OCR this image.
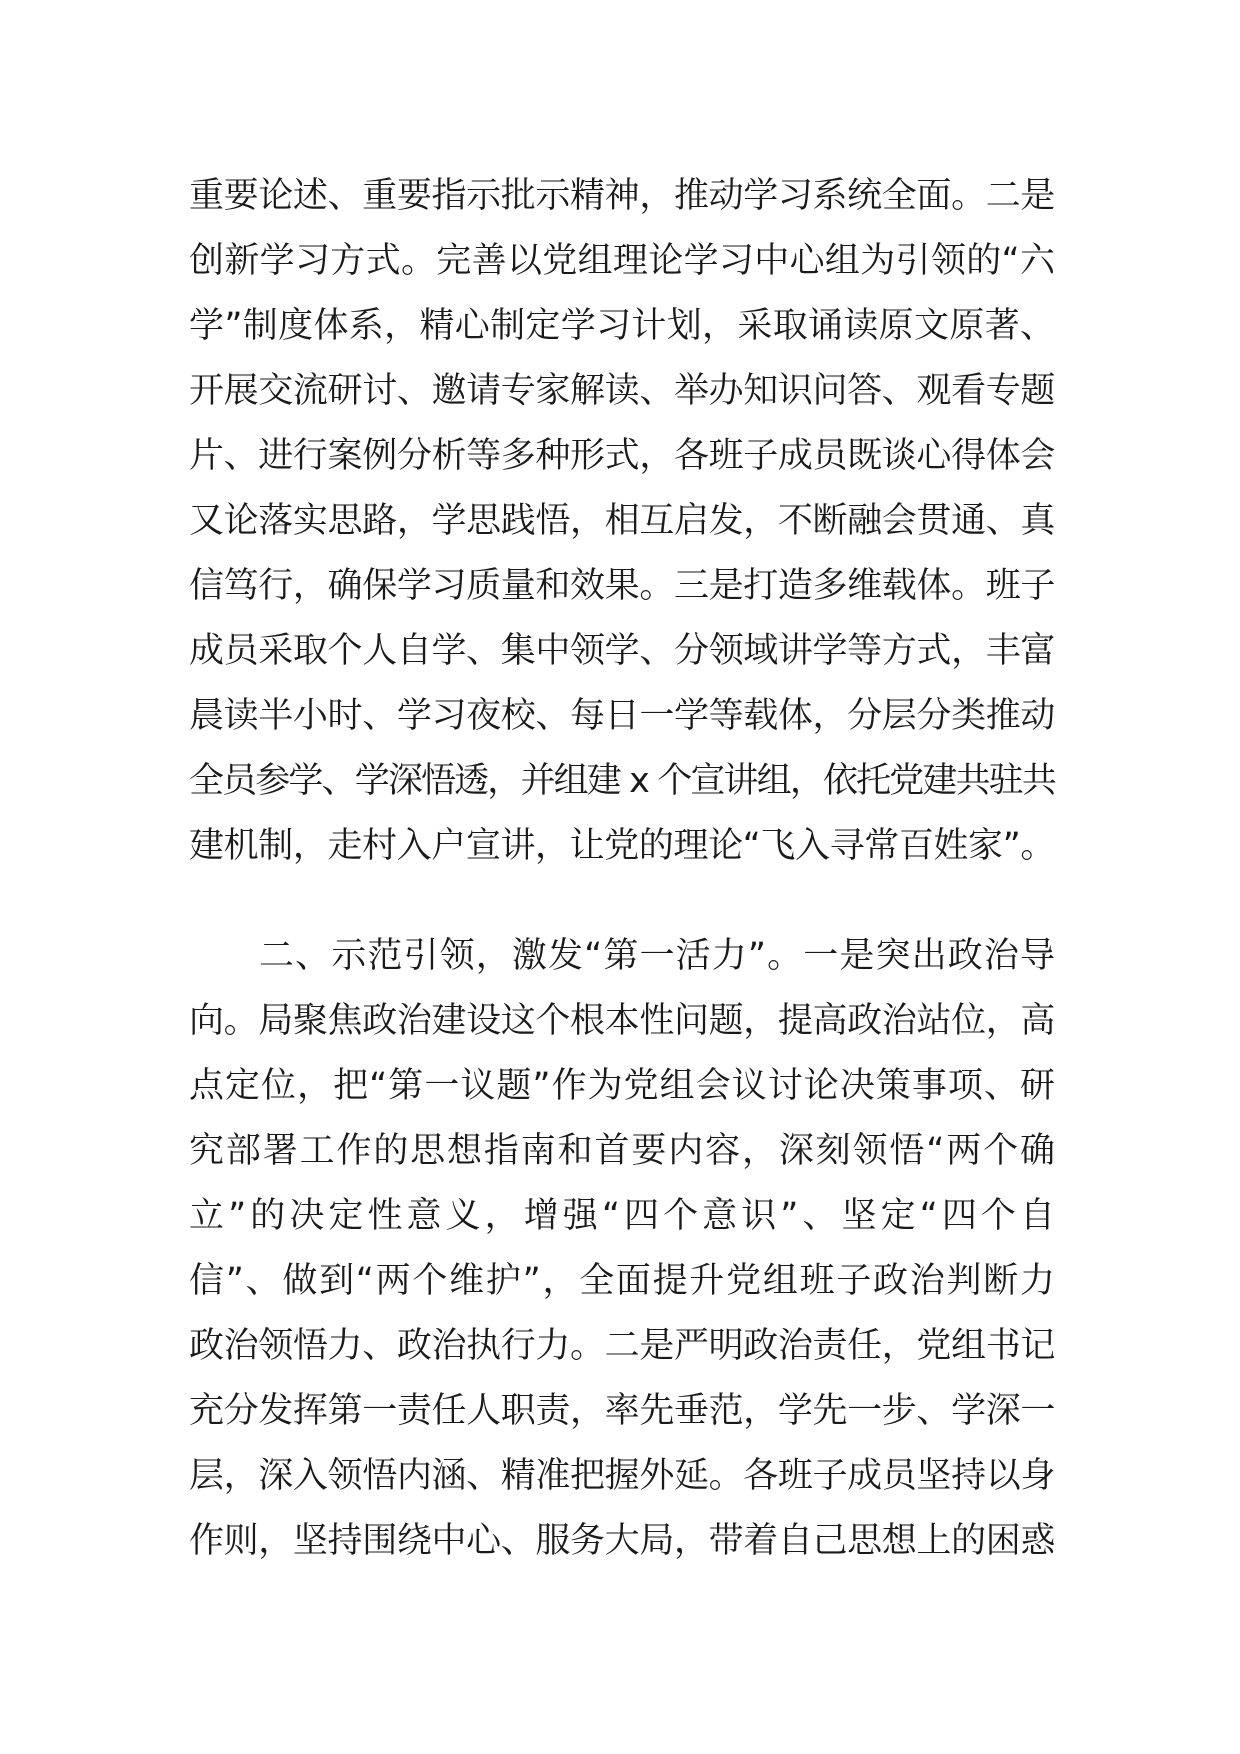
重要论述、重要指示批示精神，推动学习系统全面。二是
创新学习方式。完善以党组理论学习中心组为引领的“六
学”制度体系，精心制定学习计划，采取诵读原文原著、
开展交流研讨、邀请专家解读、举办知识问答、观看专题
片、进行案例分析等多种形式，各班子成员既谈心得体会
又论落实思路，学思践悟，相互启发，不断融会贯通、真
信笃行，确保学习质量和效果。三是打造多维载体。班子
成员采取个人自学、集中领学、分领域讲学等方式，丰富
晨读半小时、学习夜校、每日一学等载体，分层分类推动
全员参学、学深悟透，并组建 x 个宣讲组，依托党建共驻共
建机制，走村入户宣讲，让党的理论“飞入寻常百姓家”。
二、示范引领，激发“第一活力”。一是突出政治导
向。局聚焦政治建设这个根本性问题，提高政治站位，高
点定位，把“第一议题”作为党组会议讨论决策事项、研
究部署工作的思想指南和首要内容，深刻领悟“两个确
立”的决定性意义，增强“四个意识”、坚定“四个自
信”、做到“两个维护”，全面提升党组班子政治判断力
政治领悟力、政治执行力。二是严明政治责任，党组书记
充分发挥第一责任人职责，率先垂范，学先一步、学深一
层，深入领悟内涵、精准把握外延。各班子成员坚持以身
作则，坚持围绕中心、服务大局，带着自己思想上的困惑
